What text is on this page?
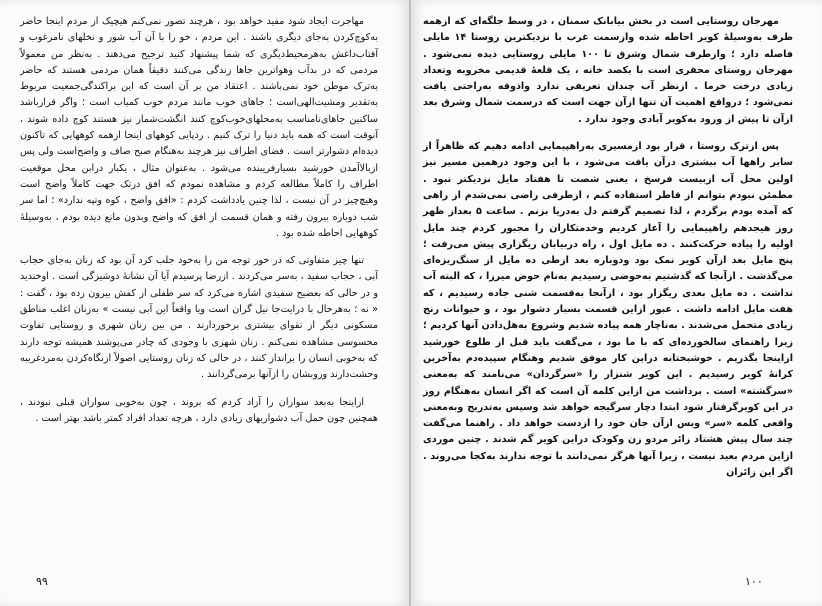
مهاجرت ایجاد شود مفید خواهد بود ، هرچند تصور نمی‌کنم هیچیک از مردم اینجا حاضر به‌کوچ‌کردن به‌جای دیگری باشند . این مردم ، خو را با آن آب شور و نخلهای نامرغوب و آفتاب‌داغش به‌هرمحیط‌دیگری که شما پیشنهاد کنید ترجیح می‌دهند . به‌نظر من معمولاً مردمی که در بدآب وهوا‌ترین جاها زندگی می‌کنند دقیقاً همان مردمی هستند که حاضر به‌ترک موطن خود نمی‌باشند . اعتقاد من بر آن است که این براکندگی‌جمعیت مربوط به‌تقدیر ومشیت‌الهی‌است ؛ جاهای خوب مانند مردم خوب کمیاب است ؛ واگر قراربا‌شد ساکنین جاهای‌نامناسب به‌محلهای‌خوب‌کوچ کنند انگشت‌شمار نیز هستند کوچ داده شوند ، آنوقت است که همه باید دنیا را ترک کنیم . ردپایی کوههای اینجا ازهمه کوههایی که تاکنون دیده‌ام دشوارتر است . فضای اطراف نیز هرچند به‌هنگام صبح صاف و واضح‌است ولی پس ازبالاآمدن خورشید بسیارفریبنده می‌شود . به‌عنوان مثال ، یکبار درابن محل موقعیت اطراف را کاملاً مطالعه کردم و مشاهده نمودم که افق درتک جهت کاملاً واضح است وهیچ‌چیز در آن نیست ، لذا چنین یادداشت کردم : «افق واضح ، کوه وتپه ندارد» ؛ اما سر شب دوباره بیرون رفته و همان قسمت از افق که واضح وبدون مانع دیده بودم ، به‌وسیلهٔ کوههایی احاطه شده بود .

تنها چیز متفاوتی که در خور توجه من را به‌خود جلب کرد آن بود که زنان به‌جای حجاب آبی ، حجاب سفید ، به‌سر می‌کردند . ازرضا پرسیدم آیا آن نشانهٔ دوشیزگی است . اوخندید و در حالی که بعضیح سفیدی اشاره می‌کرد که سر طفلی از کفش بیرون زده بود ، گفت : « نه ؛ به‌هرحال با درایت‌جا نیل گران است ویا واقعاً این آبی نیست » به‌زنان اغلب مناطق مسکونی دیگر از تقوای بیشتری برخوردارند . من بین زنان شهری و روستایی تفاوت محسوسی مشاهده نمی‌کنم . زنان شهری با وجودی که چادر می‌پوشند همیشه توجه دارند که به‌خوبی انسان را برانداز کنند ، در حالی که زنان روستایی اصولاً ازنگاه‌کردن به‌مردغریبه وحشت‌دارند وروبشان را ازآنها برمی‌گردانند .

ازاینجا به‌بعد سواران را آزاد کردم که بروند ، چون به‌خوبی سواران قبلی نبودند ، همچنین چون حمل آب دشواریهای زیادی دارد ، هرچه تعداد افراد کمتر باشد بهتر است .

۹۹

مهرجان روستایی است در بخش بیابانک سمنان ، در وسط جلگه‌ای که ازهمه طرف به‌وسیلهٔ کویر احاطه شده وازسمت غرب با نزدیکترین روستا ۱۴ مایلی فاصله دارد ؛ وازطرف شمال وشرق تا ۱۰۰ مایلی روستایی دیده نمی‌شود . مهرجان روستای محقری است با یکصد خانه ، یک قلعهٔ قدیمی مخروبه وتعداد زیادی درخت خرما . ازنظر آب چندان تعریفی ندارد واذوقه به‌راحتی یافت نمی‌شود ؛ درواقع اهمیت آن تنها ازآن جهت است که درسمت شمال وشرق بعد ازآن تا پیش از ورود به‌کویر آبادی وجود ندارد .

پس ازترک روستا ، قرار بود ازمسیری به‌راهپیمایی ادامه دهیم که ظاهراً از سایر راهها آب بیشتری درآن یافت می‌شود ، با این وجود درهمین مسیر نیز اولین محل آب ازبیست فرسخ ، یعنی شصت تا هفتاد مایل نزدیکتر نبود . مطمئن نبودم بتوانم از قاطر استفاده کنم ، ازطرفی راضی نمی‌شدم از راهی که آمده بودم برگردم ، لذا تصمیم گرفتم دل به‌دریا بزنم . ساعت ۵ بعداز ظهر روز هیجدهم راهپیمایی را آغاز کردیم وخدمتکاران را مجبور کردم چند مایل اولیه را پیاده حرکت‌کنند . ده مایل اول ، راه دربیابان ریگزاری پیش می‌رفت ؛ پنج مایل بعد ازآن کویر نمک بود ودوباره بعد ازطی ده مایل از سنگ‌ریزه‌ای می‌گذشت . ازآنجا که گذشتیم به‌حوضی رسیدیم به‌نام حوض میرزا ، که البته آب نداشت . ده مایل بعدی ریگزار بود ، ازآنجا به‌قسمت شنی جاده رسیدیم ، که هفت مایل ادامه داشت . عبور ازاین قسمت بسیار دشوار بود ، و حیوانات رنج زیادی متحمل می‌شدند . به‌ناچار همه پیاده شدیم وشروع به‌هل‌دادن آنها کردیم ؛ زیرا راهنمای سالخورده‌ای که با ما بود ، می‌گفت باید قبل از طلوع خورشید ازاینجا بگذریم . خوشبختانه دراین کار موفق شدیم وهنگام سپیده‌دم به‌آخرین کرانهٔ کویر رسیدیم . این کویر شنزار را «سرگردان» می‌نامند که به‌معنی «سرگشته» است . برداشت من ازاین کلمه آن است که اگر انسان به‌هنگام روز در این کویرگرفتار شود ابتدا دچار سرگیجه خواهد شد وسپس به‌تدریج وبه‌معنی واقعی کلمه «سر» ویس ازآن جان خود را ازدست خواهد داد . راهنما می‌گفت چند سال پیش هشتاد زائر مردو زن وکودک دراین کویر گم شدند . چنین موردی ازاین مردم بعید نیست ، زیرا آنها هرگز نمی‌دانند با توجه ندارند به‌کجا می‌روند . اگر این زائران

۱۰۰
